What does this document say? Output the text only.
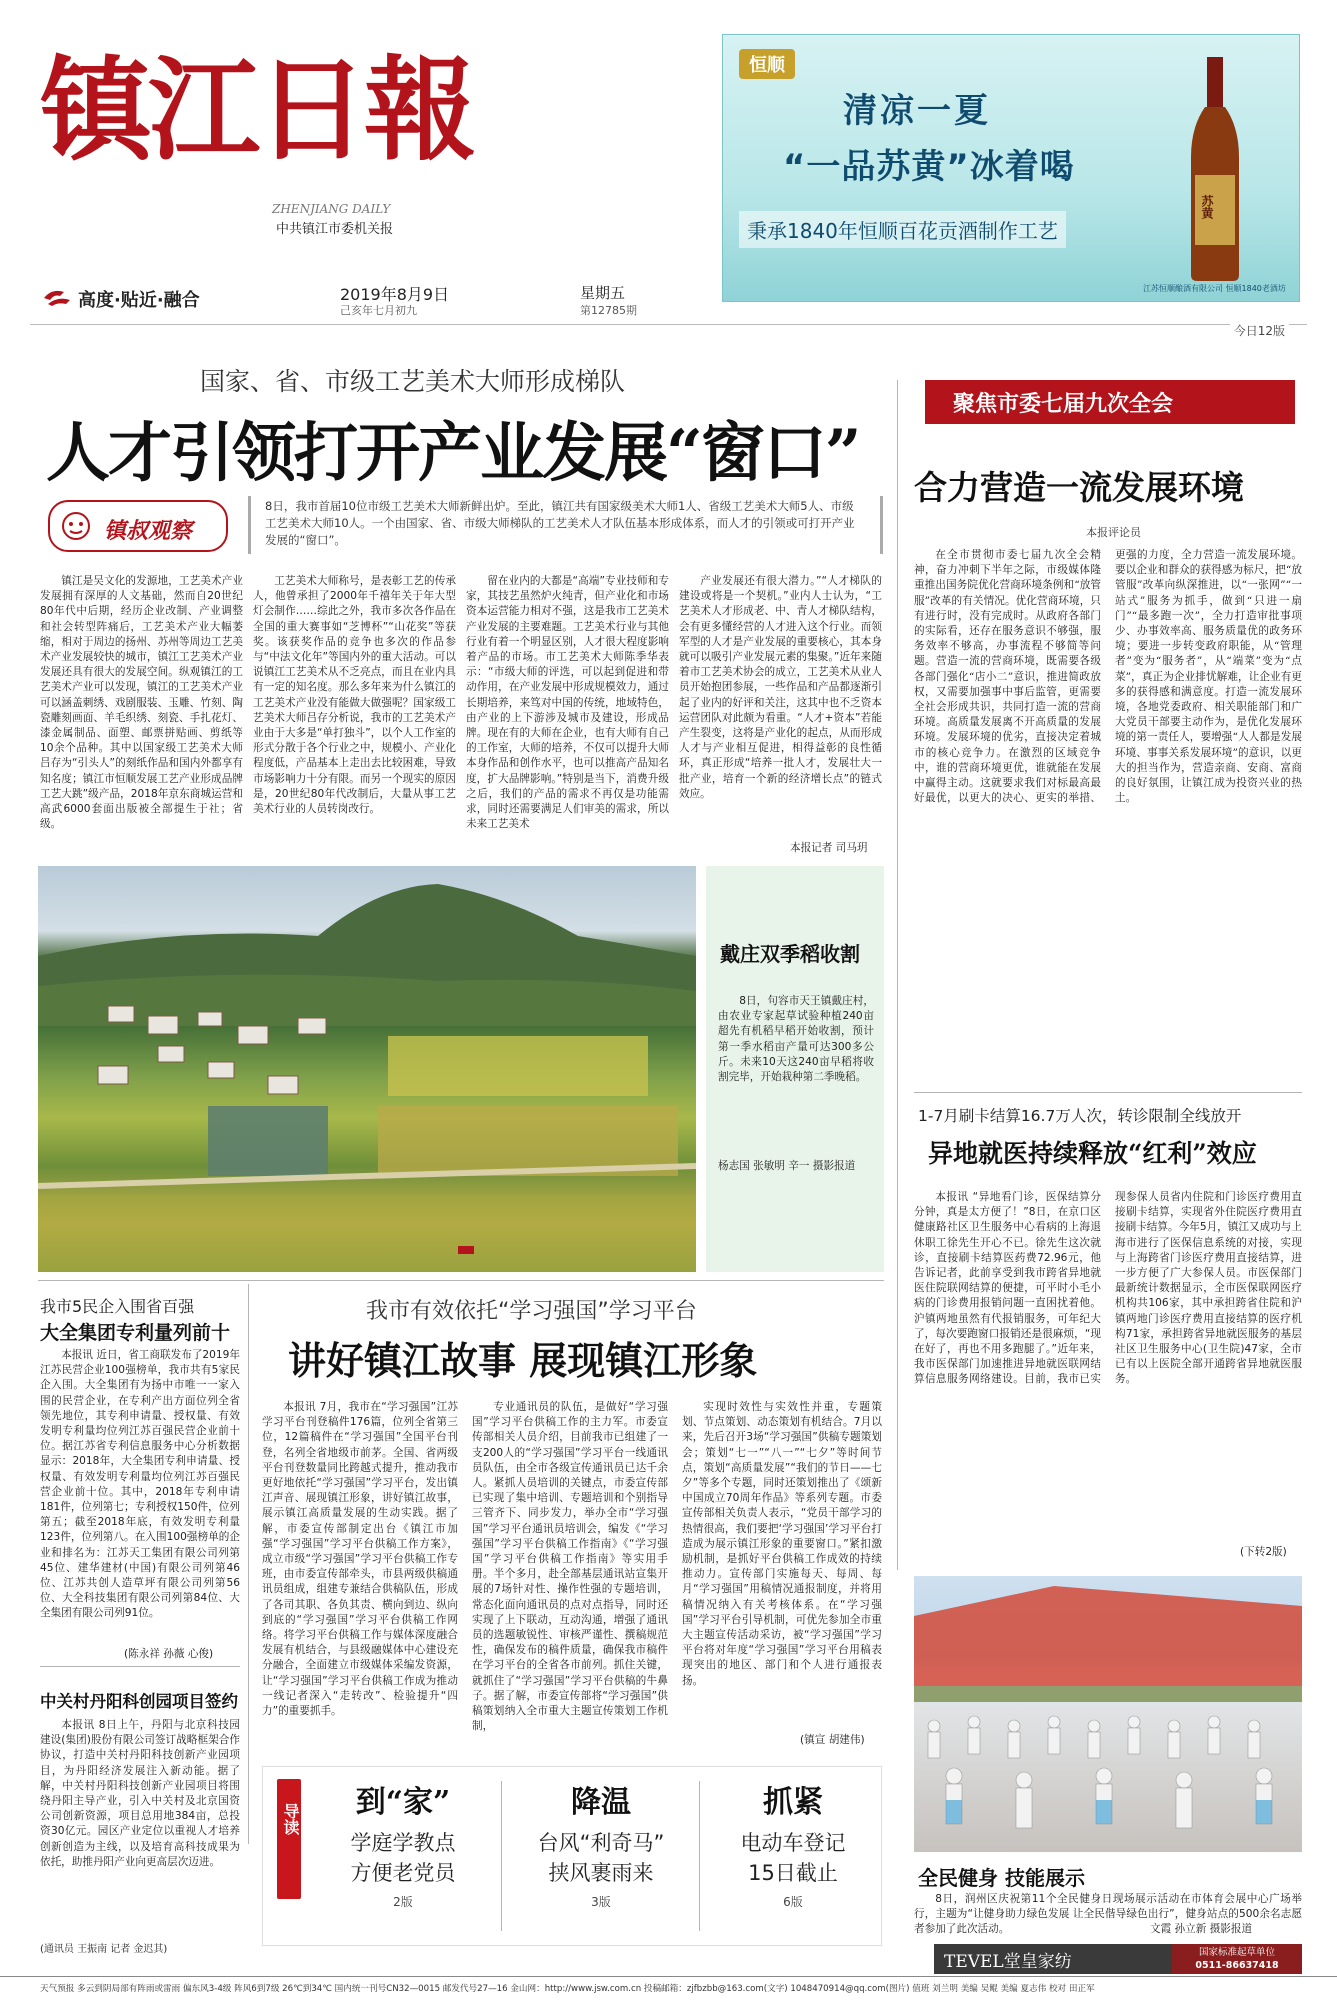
镇 江 日 報
ZHENJIANG DAILY
中共镇江市委机关报
高度·贴近·融合	2019年8月9日
己亥年七月初九
星期五
第12785期
恒顺
清凉一夏
“一品苏黄”冰着喝
秉承1840年恒顺百花贡酒制作工艺
苏黄
江苏恒顺酿酒有限公司 恒顺1840老酒坊
今日12版
国家、省、市级工艺美术大师形成梯队
人才引领打开产业发展“窗口”
镇叔观察
8日，我市首届10位市级工艺美术大师新鲜出炉。至此，镇江共有国家级美术大师1人、省级工艺美术大师5人、市级工艺美术大师10人。一个由国家、省、市级大师梯队的工艺美术人才队伍基本形成体系，而人才的引领或可打开产业发展的“窗口”。

镇江是吴文化的发源地，工艺美术产业发展拥有深厚的人文基础，然而自20世纪80年代中后期，经历企业改制、产业调整和社会转型阵痛后，工艺美术产业大幅萎缩，相对于周边的扬州、苏州等周边工艺美术产业发展较快的城市，镇江工艺美术产业发展还具有很大的发展空间。纵观镇江的工艺美术产业可以发现，镇江的工艺美术产业可以涵盖刺绣、戏剧服装、玉雕、竹刻、陶瓷雕刻画面、羊毛织绣、刻瓷、手扎花灯、漆金属制品、面塑、邮票拼贴画、剪纸等10余个品种。其中以国家级工艺美术大师吕存为“引头人”的刻纸作品和国内外都享有知名度；镇江市恒顺发展工艺产业形成品牌工艺大跳”级产品，2018年京东商城运营和高武6000套面出版被全部提生于社；省级。

工艺美术大师称号，是表彰工艺的传承人，他曾承担了2000年千禧年关于年大型灯会制作……综此之外，我市多次各作品在全国的重大赛事如“芝博杯”“山花奖”等获奖。该获奖作品的竞争也多次的作品参与“中法文化年”等国内外的重大活动。可以说镇江工艺美术从不乏亮点，而且在业内具有一定的知名度。那么多年来为什么镇江的工艺美术产业没有能做大做强呢？国家级工艺美术大师吕存分析说，我市的工艺美术产业由于大多是“单打独斗”，以个人工作室的形式分散于各个行业之中，规模小、产业化程度低，产品基本上走出去比较困难，导致市场影响力十分有限。而另一个现实的原因是，20世纪80年代改制后，大量从事工艺美术行业的人员转岗改行。

留在业内的大都是“高端”专业技师和专家，其技艺虽然炉火纯青，但产业化和市场资本运营能力相对不强，这是我市工艺美术产业发展的主要难题。工艺美术行业与其他行业有着一个明显区别，人才很大程度影响着产品的市场。市工艺美术大师陈季华表示：“市级大师的评选，可以起到促进和带动作用，在产业发展中形成规模效力，通过长期培养，来笃对中国的传统，地域特色，由产业的上下游涉及城市及建设，形成品牌。现在有的大师在企业，也有大师有自己的工作室，大师的培养，不仅可以提升大师本身作品和创作水平，也可以推高产品知名度，扩大品牌影响。”特别是当下，消费升级之后，我们的产品的需求不再仅是功能需求，同时还需要满足人们审美的需求，所以未来工艺美术

产业发展还有很大潜力。”“人才梯队的建设或将是一个契机。”业内人士认为，“工艺美术人才形成老、中、青人才梯队结构，会有更多懂经营的人才进入这个行业。而领军型的人才是产业发展的重要核心，其本身就可以吸引产业发展元素的集聚。”近年来随着市工艺美术协会的成立，工艺美术从业人员开始抱团参展，一些作品和产品都逐渐引起了业内的好评和关注，这其中也不乏资本运营团队对此颇为看重。“人才+资本”若能产生裂变，这将是产业化的起点，从而形成人才与产业相互促进，相得益彰的良性循环，真正形成“培养一批人才，发展壮大一批产业，培育一个新的经济增长点”的链式效应。

本报记者 司马玥
戴庄双季稻收割
8日，句容市天王镇戴庄村，由农业专家起草试验种植240亩超先有机稻早稻开始收割，预计第一季水稻亩产量可达300多公斤。未来10天这240亩早稻将收割完毕，开始栽种第二季晚稻。
杨志国 张敏明 辛一 摄影报道
聚焦市委七届九次全会
合力营造一流发展环境
本报评论员

在全市贯彻市委七届九次全会精神，奋力冲刺下半年之际，市级媒体隆重推出国务院优化营商环境条例和“放管服”改革的有关情况。优化营商环境，只有进行时，没有完成时。从政府各部门的实际看，还存在服务意识不够强，服务效率不够高，办事流程不够简等问题。营造一流的营商环境，既需要各级各部门强化“店小二”意识，推进简政放权，又需要加强事中事后监管，更需要全社会形成共识，共同打造一流的营商环境。高质量发展离不开高质量的发展环境。发展环境的优劣，直接决定着城市的核心竞争力。在激烈的区域竞争中，谁的营商环境更优，谁就能在发展中赢得主动。这就要求我们对标最高最好最优，以更大的决心、更实的举措、更强的力度，全力营造一流发展环境。要以企业和群众的获得感为标尺，把“放管服”改革向纵深推进，以“一张网”“一站式”服务为抓手，做到“只进一扇门”“最多跑一次”，全力打造审批事项少、办事效率高、服务质量优的政务环境；要进一步转变政府职能，从“管理者”变为“服务者”，从“端菜”变为“点菜”，真正为企业排忧解难，让企业有更多的获得感和满意度。打造一流发展环境，各地党委政府、相关职能部门和广大党员干部要主动作为，是优化发展环境的第一责任人，要增强“人人都是发展环境、事事关系发展环境”的意识，以更大的担当作为，营造亲商、安商、富商的良好氛围，让镇江成为投资兴业的热土。

1-7月刷卡结算16.7万人次，转诊限制全线放开
异地就医持续释放“红利”效应

本报讯 “异地看门诊，医保结算分分钟，真是太方便了！”8日，在京口区健康路社区卫生服务中心看病的上海退休职工徐先生开心不已。徐先生这次就诊，直接刷卡结算医药费72.96元，他告诉记者，此前享受到我市跨省异地就医住院联网结算的便捷，可平时小毛小病的门诊费用报销问题一直困扰着他。沪镇两地虽然有代报销服务，可年纪大了，每次要跑窗口报销还是很麻烦，“现在好了，再也不用多跑腿了。”近年来，我市医保部门加速推进异地就医联网结算信息服务网络建设。目前，我市已实现参保人员省内住院和门诊医疗费用直接刷卡结算，实现省外住院医疗费用直接刷卡结算。今年5月，镇江又成功与上海市进行了医保信息系统的对接，实现与上海跨省门诊医疗费用直接结算，进一步方便了广大参保人员。市医保部门最新统计数据显示，全市医保联网医疗机构共106家，其中承担跨省住院和沪镇两地门诊医疗费用直接结算的医疗机构71家，承担跨省异地就医服务的基层社区卫生服务中心(卫生院)47家，全市已有以上医院全部开通跨省异地就医服务。

(下转2版)
全民健身 技能展示
8日，润州区庆祝第11个全民健身日现场展示活动在市体育会展中心广场举行，主题为“让健身助力绿色发展 让全民偕导绿色出行”，健身站点的500余名志愿者参加了此次活动。	文霞 孙立新 摄影报道
我市5民企入围省百强
大全集团专利量列前十

本报讯 近日，省工商联发布了2019年江苏民营企业100强榜单，我市共有5家民企入围。大全集团有为扬中市唯一一家入围的民营企业，在专利产出方面位列全省领先地位，其专利申请量、授权量、有效发明专利量均位列江苏百强民营企业前十位。据江苏省专利信息服务中心分析数据显示：2018年，大全集团专利申请量、授权量、有效发明专利量均位列江苏百强民营企业前十位。其中，2018年专利申请181件，位列第七；专利授权150件，位列第五；截至2018年底，有效发明专利量123件，位列第八。在入围100强榜单的企业和排名为：江苏天工集团有限公司列第45位、建华建材(中国)有限公司列第46位、江苏共创人造草坪有限公司列第56位、大全科技集团有限公司列第84位、大全集团有限公司列91位。

(陈永祥 孙薇 心俊)
中关村丹阳科创园项目签约

本报讯 8日上午，丹阳与北京科技园建设(集团)股份有限公司签订战略框架合作协议，打造中关村丹阳科技创新产业园项目，为丹阳经济发展注入新动能。据了解，中关村丹阳科技创新产业园项目将围绕丹阳主导产业，引入中关村及北京国资公司创新资源，项目总用地384亩，总投资30亿元。园区产业定位以重视人才培养创新创造为主线，以及培育高科技成果为依托，助推丹阳产业向更高层次迈进。

(通讯员 王振南 记者 金迟其)
我市有效依托“学习强国”学习平台
讲好镇江故事 展现镇江形象

本报讯 7月，我市在“学习强国”江苏学习平台刊登稿件176篇，位列全省第三位，12篇稿件在“学习强国”全国平台刊登，名列全省地级市前茅。全国、省两级平台刊登数量同比跨越式提升，推动我市更好地依托“学习强国”学习平台，发出镇江声音、展现镇江形象，讲好镇江故事，展示镇江高质量发展的生动实践。据了解，市委宣传部制定出台《镇江市加强“学习强国”学习平台供稿工作方案》，成立市级“学习强国”学习平台供稿工作专班，由市委宣传部牵头，市县两级供稿通讯员组成，组建专兼结合供稿队伍，形成了各司其职、各负其责、横向到边、纵向到底的“学习强国”学习平台供稿工作网络。将学习平台供稿工作与媒体深度融合发展有机结合，与县级融媒体中心建设充分融合，全面建立市级媒体采编发资源，让“学习强国”学习平台供稿工作成为推动一线记者深入“走转改”、检验提升“四力”的重要抓手。

专业通讯员的队伍，是做好“学习强国”学习平台供稿工作的主力军。市委宣传部相关人员介绍，目前我市已组建了一支200人的“学习强国”学习平台一线通讯员队伍，由全市各级宣传通讯员已达千余人。紧抓人员培训的关键点，市委宣传部已实现了集中培训、专题培训和个别指导三管齐下、同步发力，举办全市“学习强国”学习平台通讯员培训会，编发《“学习强国”学习平台供稿工作指南》《“学习强国”学习平台供稿工作指南》等实用手册。半个多月，赴全部基层通讯站宣集开展的7场针对性、操作性强的专题培训，常态化面向通讯员的点对点指导，同时还实现了上下联动，互动沟通，增强了通讯员的选题敏锐性、审核严谨性、撰稿规范性，确保发布的稿件质量，确保我市稿件在学习平台的全省各市前列。抓住关键，就抓住了“学习强国”学习平台供稿的牛鼻子。据了解，市委宣传部将“学习强国”供稿策划纳入全市重大主题宣传策划工作机制，

实现时效性与实效性并重，专题策划、节点策划、动态策划有机结合。7月以来，先后召开3场“学习强国”供稿专题策划会；策划“七一”“八一”“七夕”等时间节点，策划“高质量发展”“我们的节日——七夕”等多个专题，同时还策划推出了《颂新中国成立70周年作品》等系列专题。市委宣传部相关负责人表示，“党员干部学习的热情很高，我们要把‘学习强国’学习平台打造成为展示镇江形象的重要窗口。”紧扣激励机制，是抓好平台供稿工作成效的持续推动力。宣传部门实施每天、每周、每月“学习强国”用稿情况通报制度，并将用稿情况纳入有关考核体系。在“学习强国”学习平台引导机制，可优先参加全市重大主题宣传活动采访，被“学习强国”学习平台将对年度“学习强国”学习平台用稿表现突出的地区、部门和个人进行通报表扬。

(镇宣 胡建伟)
导读	到“家”
学庭学教点
方便老党员
2版
降温
台风“利奇马”
挟风裹雨来
3版
抓紧
电动车登记
15日截止
6版
天气预报 多云到阴局部有阵雨或雷雨 偏东风3-4级 阵风6到7级 26℃到34℃ 国内统一刊号CN32—0015 邮发代号27—16 金山网：http://www.jsw.com.cn 投稿邮箱：zjfbzbb@163.com(文字) 1048470914@qq.com(图片) 值班 刘兰明 美编 吴鲲 美编 夏志伟 校对 田正军
TEVEL堂皇家纺	国家标准起草单位
0511-86637418
